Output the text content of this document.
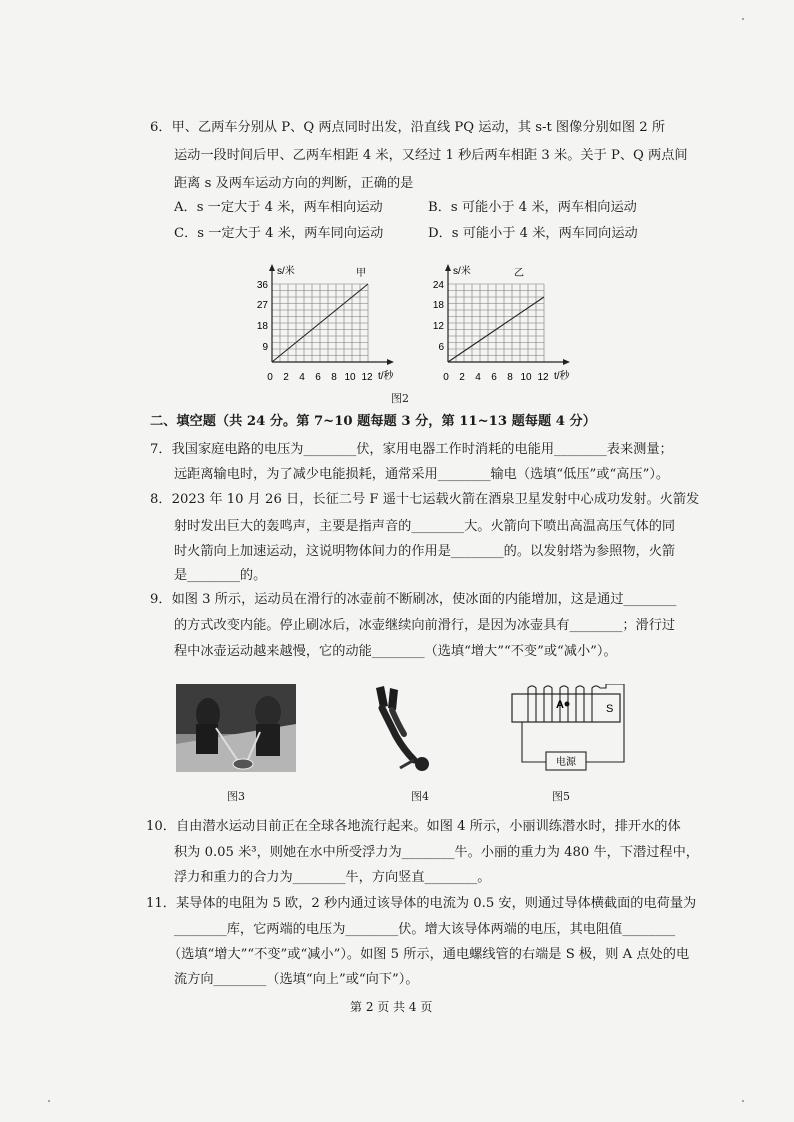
6．甲、乙两车分别从 P、Q 两点同时出发，沿直线 PQ 运动，其 s-t 图像分别如图 2 所
运动一段时间后甲、乙两车相距 4 米，又经过 1 秒后两车相距 3 米。关于 P、Q 两点间
距离 s 及两车运动方向的判断，正确的是
A．s 一定大于 4 米，两车相向运动	B．s 可能小于 4 米，两车相向运动
C．s 一定大于 4 米，两车同向运动	D．s 可能小于 4 米，两车同向运动
s/米	甲
t/秒
36
27
18
9
0 2 4 6 8 10 12
s/米	乙
t/秒
24
18
12
6
0 2 4 6 8 10 12
图2
二、填空题（共 24 分。第 7~10 题每题 3 分，第 11~13 题每题 4 分）
7．我国家庭电路的电压为________伏，家用电器工作时消耗的电能用________表来测量；
远距离输电时，为了减少电能损耗，通常采用________输电（选填“低压”或“高压”）。
8．2023 年 10 月 26 日，长征二号 F 遥十七运载火箭在酒泉卫星发射中心成功发射。火箭发
射时发出巨大的轰鸣声，主要是指声音的________大。火箭向下喷出高温高压气体的同
时火箭向上加速运动，这说明物体间力的作用是________的。以发射塔为参照物，火箭
是________的。
9．如图 3 所示，运动员在滑行的冰壶前不断刷冰，使冰面的内能增加，这是通过________
的方式改变内能。停止刷冰后，冰壶继续向前滑行，是因为冰壶具有________；滑行过
程中冰壶运动越来越慢，它的动能________（选填“增大”“不变”或“减小”）。
图3	图4
A	S
电源
图5
10．自由潜水运动目前正在全球各地流行起来。如图 4 所示，小丽训练潜水时，排开水的体
积为 0.05 米³，则她在水中所受浮力为________牛。小丽的重力为 480 牛，下潜过程中，
浮力和重力的合力为________牛，方向竖直________。
11．某导体的电阻为 5 欧，2 秒内通过该导体的电流为 0.5 安，则通过导体横截面的电荷量为
________库，它两端的电压为________伏。增大该导体两端的电压，其电阻值________
（选填“增大”“不变”或“减小”）。如图 5 所示，通电螺线管的右端是 S 极，则 A 点处的电
流方向________（选填“向上”或“向下”）。
第 2 页 共 4 页
